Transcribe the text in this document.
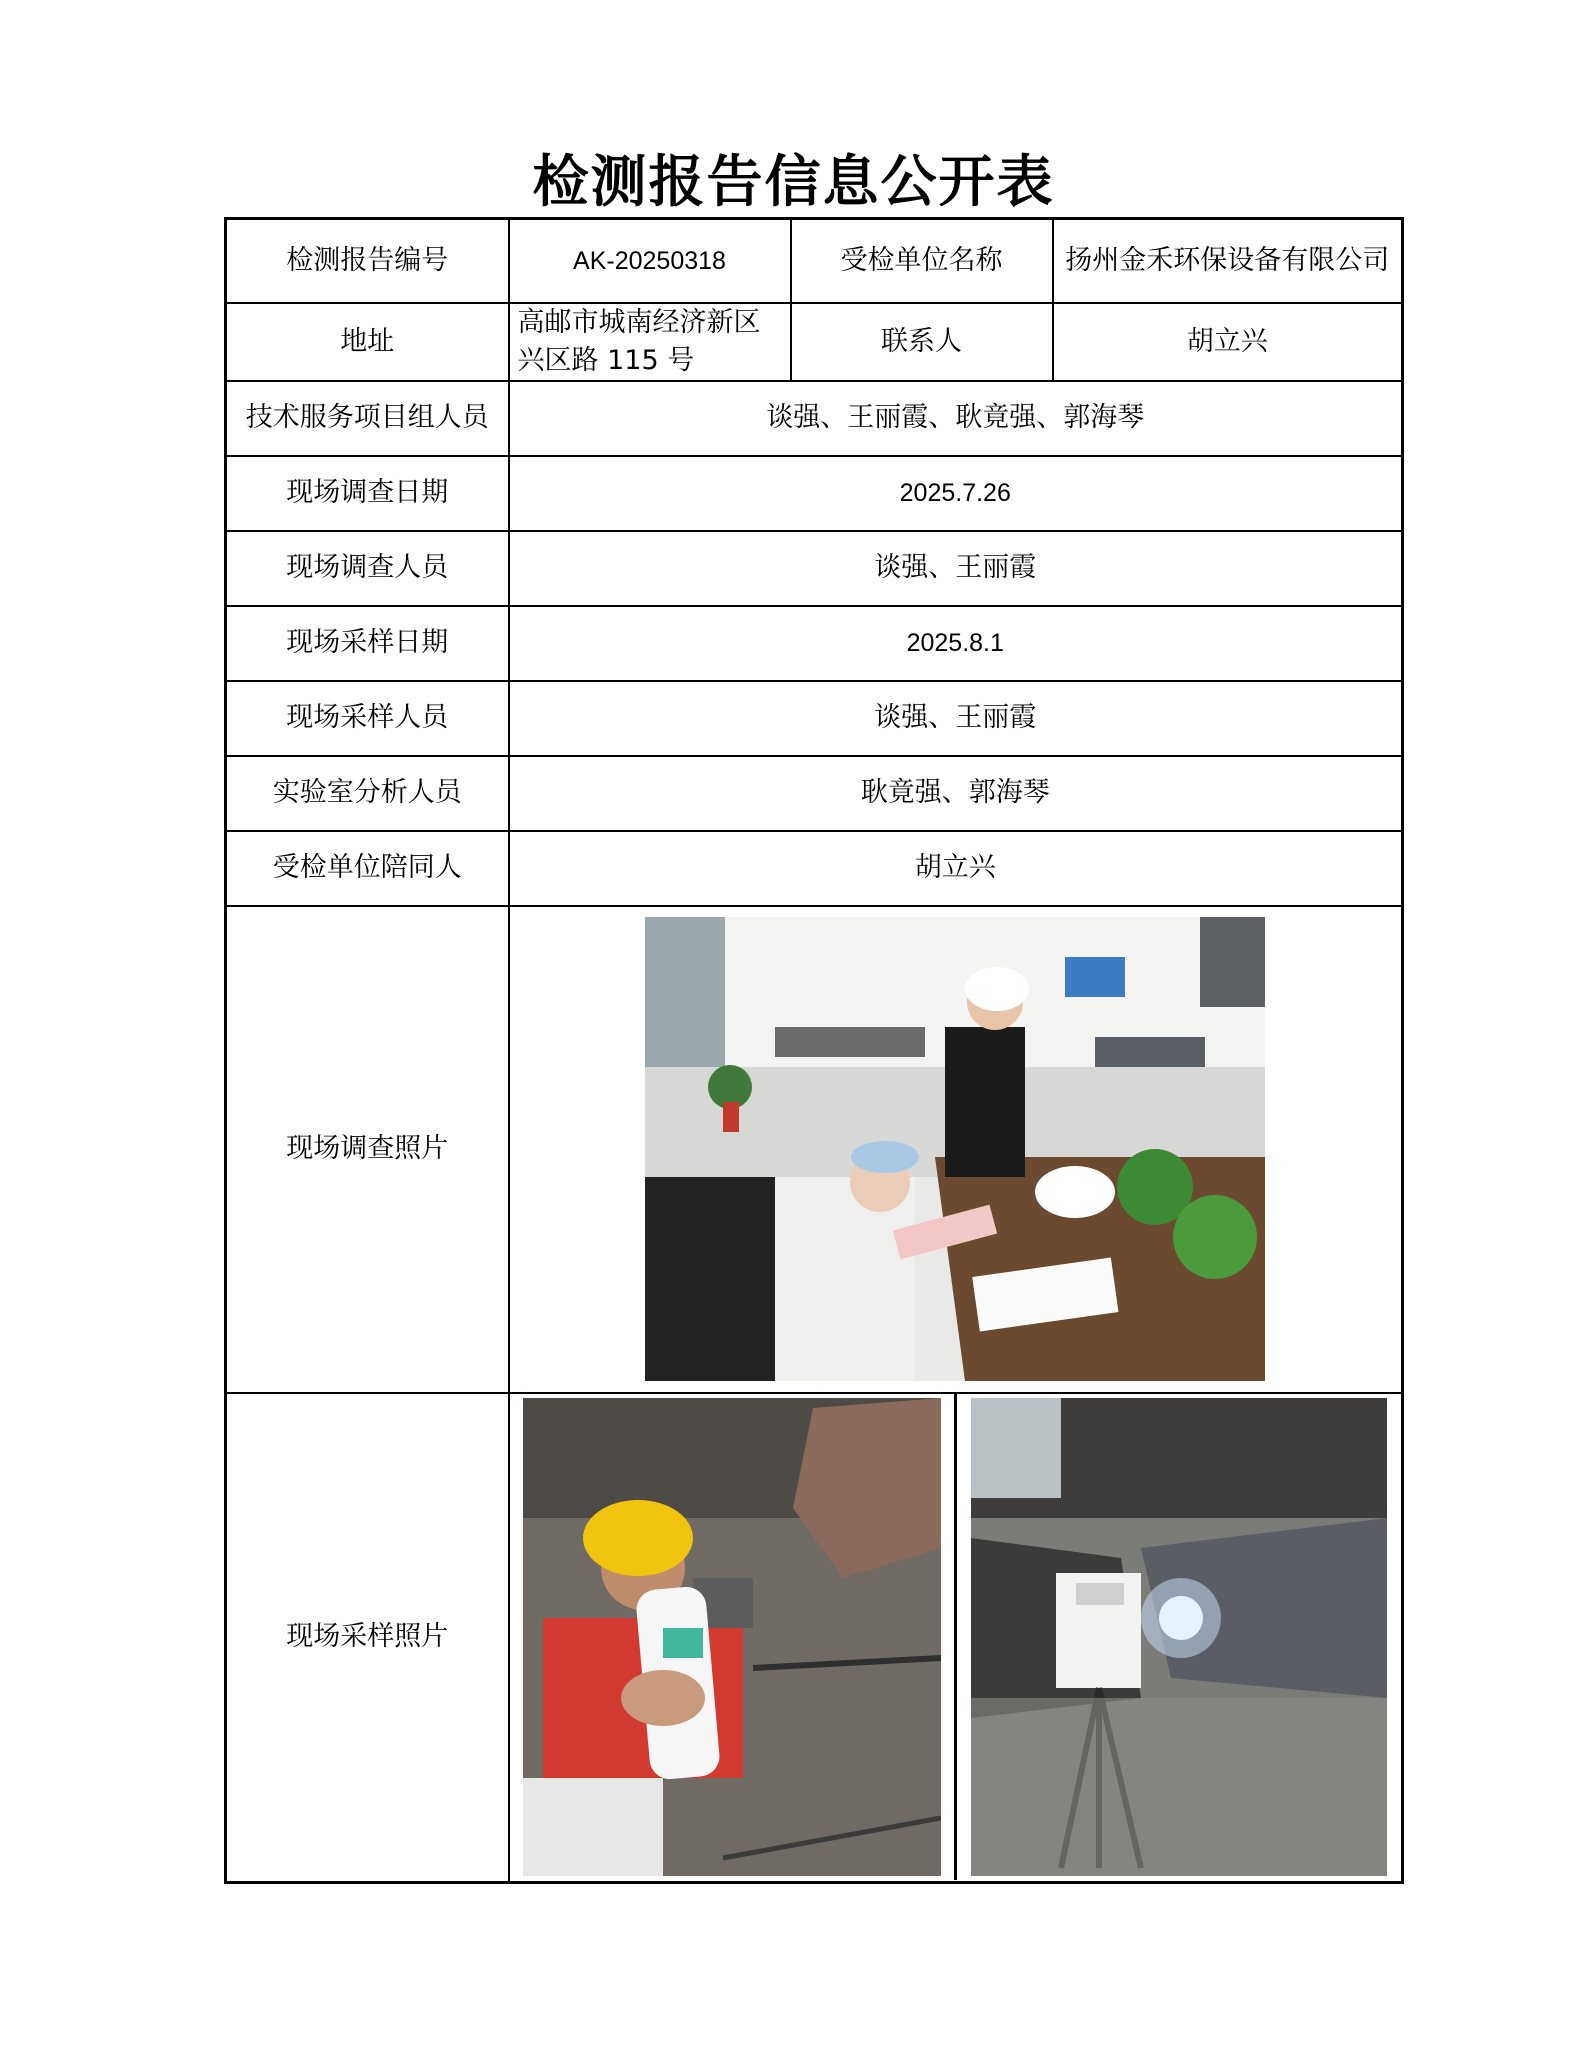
检测报告信息公开表
检测报告编号	AK-20250318	受检单位名称	扬州金禾环保设备有限公司
地址	高邮市城南经济新区兴区路 115 号	联系人	胡立兴
技术服务项目组人员	谈强、王丽霞、耿竟强、郭海琴		
现场调查日期	2025.7.26		
现场调查人员	谈强、王丽霞		
现场采样日期	2025.8.1		
现场采样人员	谈强、王丽霞		
实验室分析人员	耿竟强、郭海琴		
受检单位陪同人	胡立兴		
现场调查照片	

现场采样照片	
